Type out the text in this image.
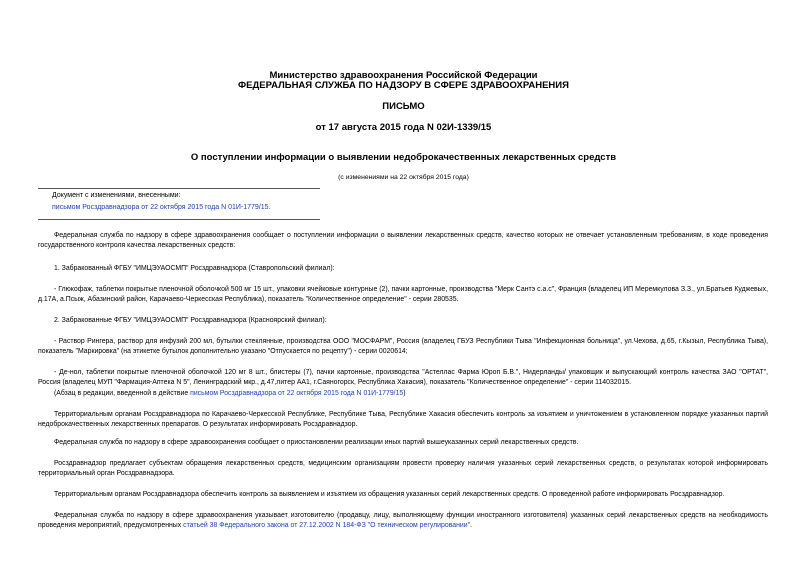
Министерство здравоохранения Российской Федерации
ФЕДЕРАЛЬНАЯ СЛУЖБА ПО НАДЗОРУ В СФЕРЕ ЗДРАВООХРАНЕНИЯ
ПИСЬМО
от 17 августа 2015 года N 02И-1339/15
О поступлении информации о выявлении недоброкачественных лекарственных средств
(с изменениями на 22 октября 2015 года)
Документ с изменениями, внесенными:
письмом Росздравнадзора от 22 октября 2015 года N 01И-1779/15.
Федеральная служба по надзору в сфере здравоохранения сообщает о поступлении информации о выявлении лекарственных средств, качество которых не отвечает установленным требованиям, в ходе проведения государственного контроля качества лекарственных средств:
1. Забракованный ФГБУ "ИМЦЭУАОСМП" Росздравнадзора (Ставропольский филиал):
- Глюкофаж, таблетки покрытые пленочной оболочкой 500 мг 15 шт., упаковки ячейковые контурные (2), пачки картонные, производства "Мерк Сантэ с.а.с", Франция (владелец ИП Меремкулова З.З., ул.Братьев Куджевых, д.17А, а.Псыж, Абазинский район, Карачаево-Черкесская Республика), показатель "Количественное определение" - серии 280535.
2. Забракованные ФГБУ "ИМЦЭУАОСМП" Росздравнадзора (Красноярский филиал):
- Раствор Рингера, раствор для инфузий 200 мл, бутылки стеклянные, производства ООО "МОСФАРМ", Россия (владелец ГБУЗ Республики Тыва "Инфекционная больница", ул.Чехова, д.65, г.Кызыл, Республика Тыва), показатель "Маркировка" (на этикетке бутылок дополнительно указано "Отпускается по рецепту") - серии 0020614;
- Де-нол, таблетки покрытые пленочной оболочкой 120 мг 8 шт., блистеры (7), пачки картонные, производства "Астеллас Фарма Юроп Б.В.", Нидерланды/ упаковщик и выпускающий контроль качества ЗАО "ОРТАТ", Россия (владелец МУП "Фармация-Аптека N 5", Ленинградский мкр., д.47,литер АА1, г.Саяногорск, Республика Хакасия), показатель "Количественное определение" - серии 114032015.
(Абзац в редакции, введенной в действие письмом Росздравнадзора от 22 октября 2015 года N 01И-1779/15)
Территориальным органам Росздравнадзора по Карачаево-Черкесской Республике, Республике Тыва, Республике Хакасия обеспечить контроль за изъятием и уничтожением в установленном порядке указанных партий недоброкачественных лекарственных препаратов. О результатах информировать Росздравнадзор.
Федеральная служба по надзору в сфере здравоохранения сообщает о приостановлении реализации иных партий вышеуказанных серий лекарственных средств.
Росздравнадзор предлагает субъектам обращения лекарственных средств, медицинским организациям провести проверку наличия указанных серий лекарственных средств, о результатах которой информировать территориальный орган Росздравнадзора.
Территориальным органам Росздравнадзора обеспечить контроль за выявлением и изъятием из обращения указанных серий лекарственных средств. О проведенной работе информировать Росздравнадзор.
Федеральная служба по надзору в сфере здравоохранения указывает изготовителю (продавцу, лицу, выполняющему функции иностранного изготовителя) указанных серий лекарственных средств на необходимость проведения мероприятий, предусмотренных статьей 38 Федерального закона от 27.12.2002 N 184-ФЗ "О техническом регулировании".
